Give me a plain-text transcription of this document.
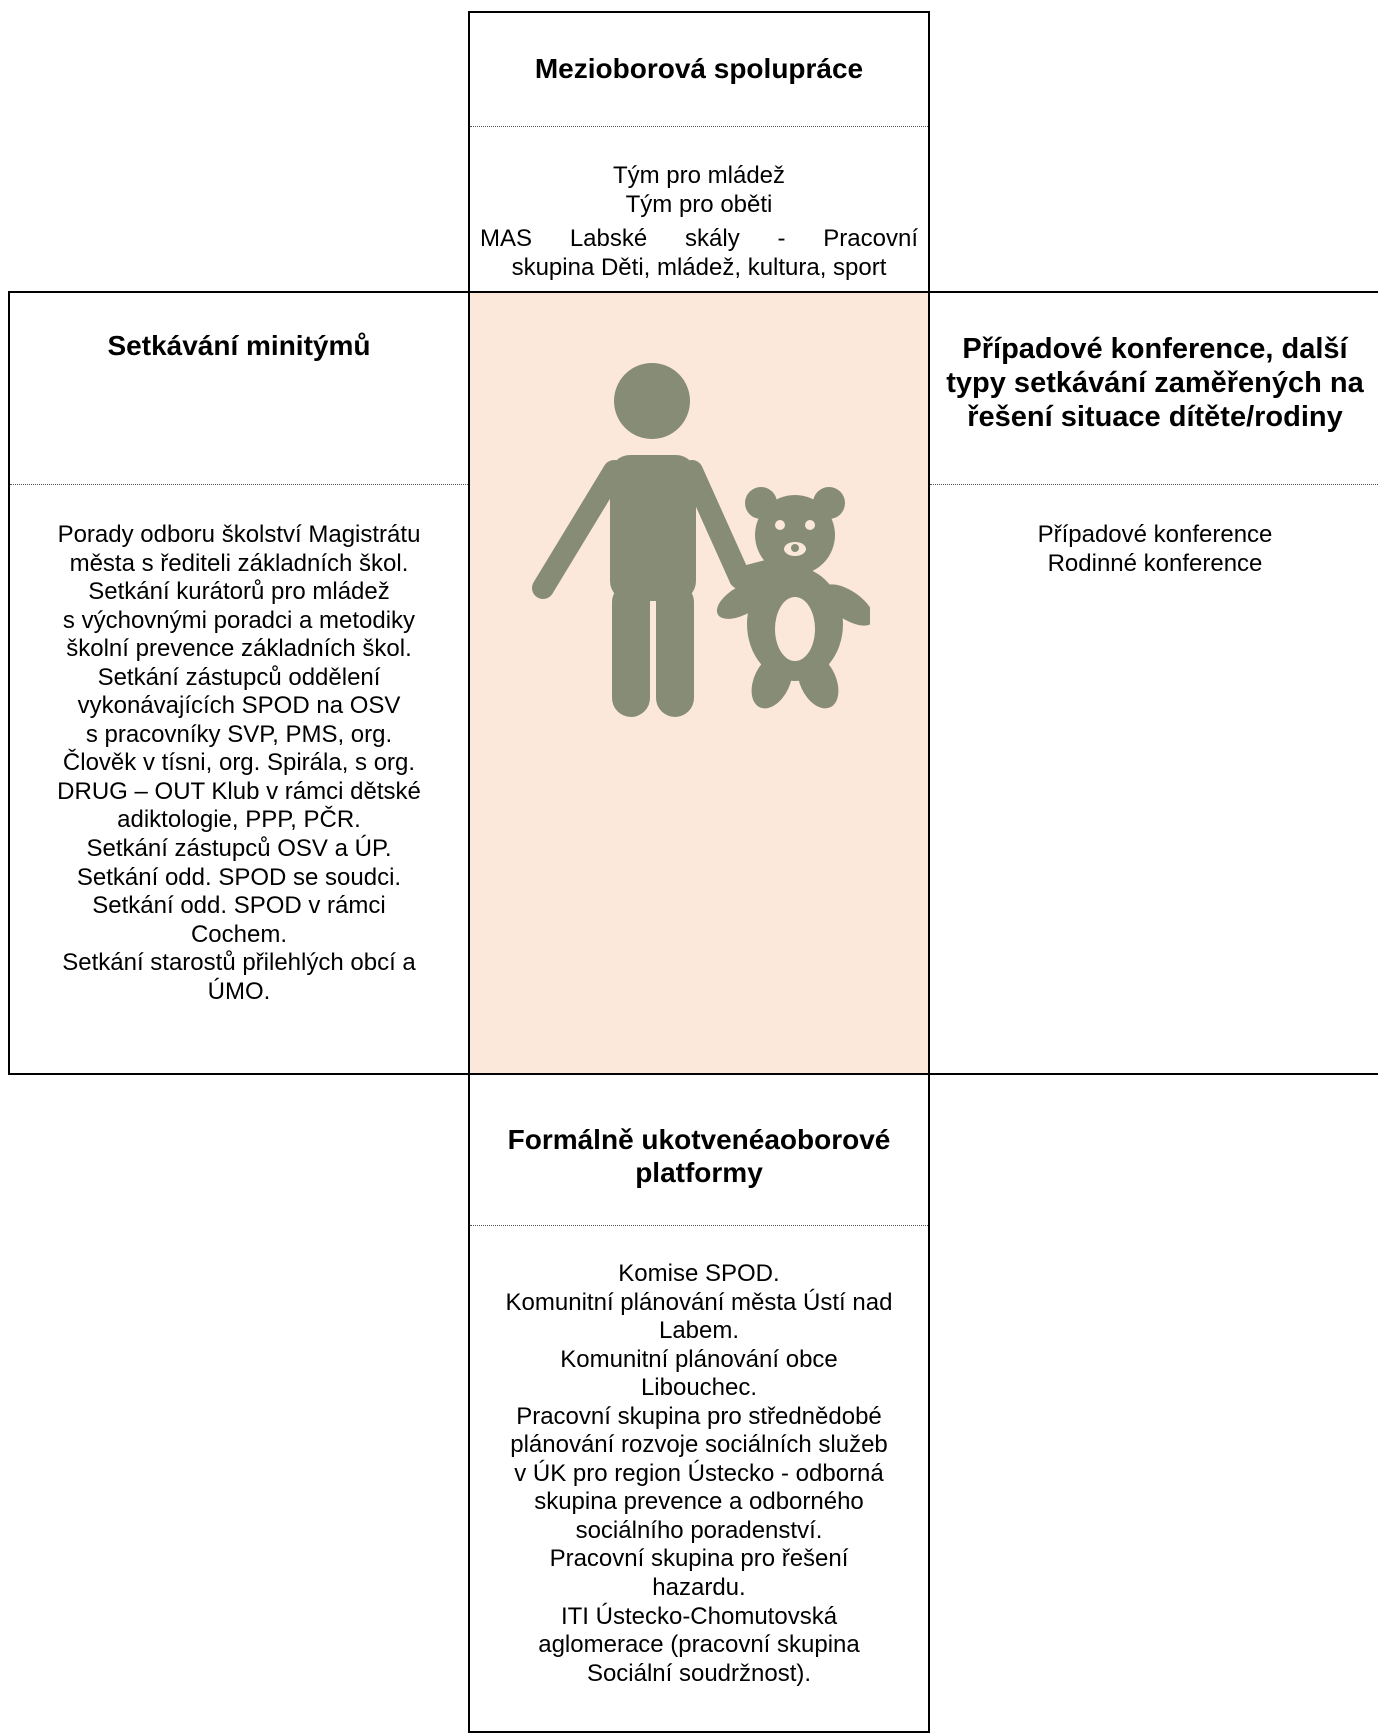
Mezioborová spolupráce
Tým pro mládež
Tým pro oběti
MAS Labské skály - Pracovní
skupina Děti, mládež, kultura, sport
Setkávání minitýmů
Porady odboru školství Magistrátu
města s řediteli základních škol.
Setkání kurátorů pro mládež
s výchovnými poradci a metodiky
školní prevence základních škol.
Setkání zástupců oddělení
vykonávajících SPOD na OSV
s pracovníky SVP, PMS, org.
Člověk v tísni, org. Spirála, s org.
DRUG – OUT Klub v rámci dětské
adiktologie, PPP, PČR.
Setkání zástupců OSV a ÚP.
Setkání odd. SPOD se soudci.
Setkání odd. SPOD v rámci
Cochem.
Setkání starostů přilehlých obcí a
ÚMO.
Případové konference, další typy setkávání zaměřených na řešení situace dítěte/rodiny
Případové konference
Rodinné konference
Formálně ukotvenéaoborové platformy
Komise SPOD.
Komunitní plánování města Ústí nad
Labem.
Komunitní plánování obce
Libouchec.
Pracovní skupina pro střednědobé
plánování rozvoje sociálních služeb
v ÚK pro region Ústecko - odborná
skupina prevence a odborného
sociálního poradenství.
Pracovní skupina pro řešení
hazardu.
ITI Ústecko-Chomutovská
aglomerace (pracovní skupina
Sociální soudržnost).
